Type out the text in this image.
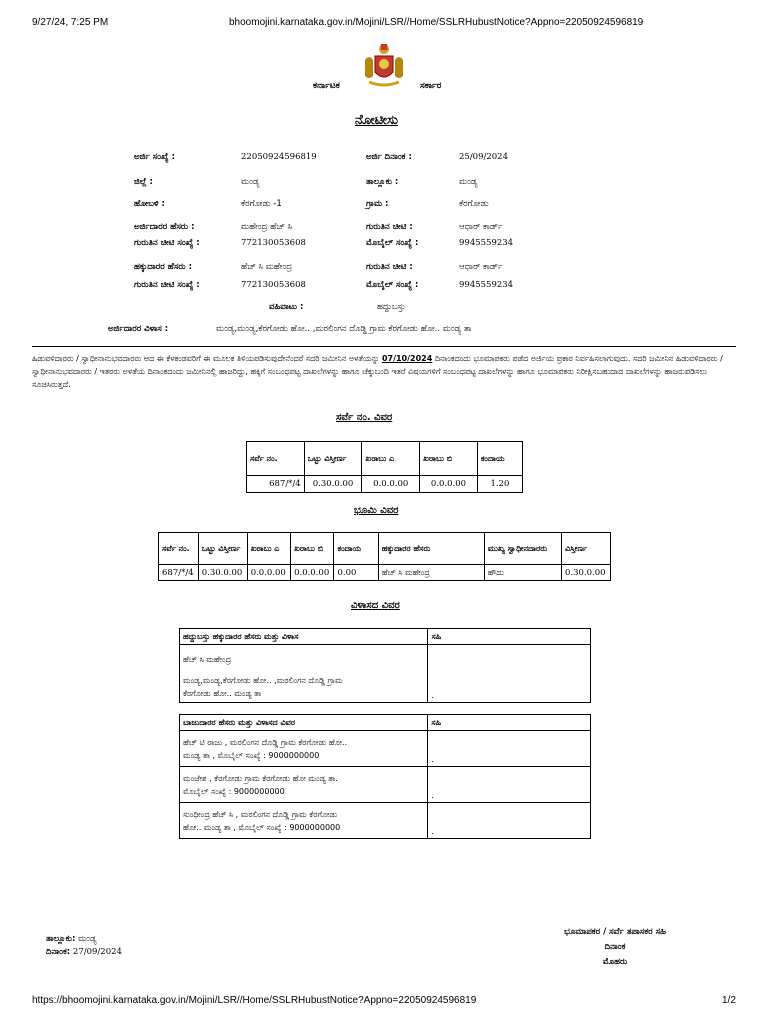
9/27/24, 7:25 PM	bhoomojini.karnataka.gov.in/Mojini/LSR//Home/SSLRHubustNotice?Appno=22050924596819
ಕರ್ನಾಟಕ	ಸರ್ಕಾರ
ನೋಟೀಸು
ಅರ್ಜಿ ಸಂಖ್ಯೆ :	22050924596819	ಅರ್ಜಿ ದಿನಾಂಕ :	25/09/2024
ಜಿಲ್ಲೆ :	ಮಂಡ್ಯ	ತಾಲ್ಲೂಕು :	ಮಂಡ್ಯ
ಹೋಬಳಿ :	ಕೆರಗೋಡು -1	ಗ್ರಾಮ :	ಕೆರಗೋಡು
ಅರ್ಜಿದಾರರ ಹೆಸರು :	ಮಹೇಂದ್ರ ಹೆಚ್ ಸಿ	ಗುರುತಿನ ಚೀಟಿ :	ಆಧಾರ್ ಕಾರ್ಡ್
ಗುರುತಿನ ಚೀಟಿ ಸಂಖ್ಯೆ :	772130053608	ಮೊಬೈಲ್ ಸಂಖ್ಯೆ :	9945559234
ಹಕ್ಕುದಾರರ ಹೆಸರು :	ಹೆಚ್ ಸಿ ಮಹೇಂದ್ರ	ಗುರುತಿನ ಚೀಟಿ :	ಆಧಾರ್ ಕಾರ್ಡ್
ಗುರುತಿನ ಚೀಟಿ ಸಂಖ್ಯೆ :	772130053608	ಮೊಬೈಲ್ ಸಂಖ್ಯೆ :	9945559234
ವಹಿವಾಟು :	ಹದ್ದುಬಸ್ತು
ಅರ್ಜಿದಾರರ ವಿಳಾಸ :	ಮಂಡ್ಯ,ಮಂಡ್ಯ,ಕೆರಗೋಡು ಹೋ.. ,ಮರಲಿಂಗನ ದೊಡ್ಡಿ ಗ್ರಾಮ ಕೆರಗೋಡು ಹೋ.. ಮಂಡ್ಯ ತಾ
ಹಿಡುವಳಿದಾರರು / ಸ್ವಾಧೀನಾನುಭವದಾರರು ಆದ ಈ ಕೆಳಕಂಡವರಿಗೆ ಈ ಮೂಲಕ ತಿಳಿಯಪಡಿಸುವುದೇನೆಂದರೆ ಸದರಿ ಜಮೀನಿನ ಅಳತೆಯನ್ನು 07/10/2024 ದಿನಾಂಕದಂದು ಭೂಮಾಪಕರು ಪಡೆದ ಅರ್ಜಿಯ ಪ್ರಕಾರ ನಿರ್ವಹಿಸಲಾಗುವುದು. ಸದರಿ ಜಮೀನಿನ ಹಿಡುವಳಿದಾರರು / ಸ್ವಾಧೀನಾನುಭವದಾರರು / ಇತರರು ಅಳತೆಯ ದಿನಾಂಕದಂದು ಜಮೀನಿನಲ್ಲಿ ಹಾಜರಿದ್ದು, ಹಕ್ಕಿಗೆ ಸಂಬಂಧಪಟ್ಟ ದಾಖಲೆಗಳನ್ನು ಹಾಗೂ ಚೆಕ್ಕುಬಂದಿ ಇತರೆ ವಿಷಯಗಳಿಗೆ ಸಂಬಂಧಪಟ್ಟ ದಾಖಲೆಗಳನ್ನು ಹಾಗೂ ಭೂಮಾಪಕರು ನಿರೀಕ್ಷಿಸಬಹುದಾದ ದಾಖಲೆಗಳನ್ನು ಹಾಜರುಪಡಿಸಲು ಸೂಚಿಸಿರುತ್ತದೆ.
ಸರ್ವೆ ನಂ. ವಿವರ
ಸರ್ವೆ ನಂ.	ಒಟ್ಟು ವಿಸ್ತೀರ್ಣ	ಖರಾಬು ಎ	ಖರಾಬು ಬಿ	ಕಂದಾಯ
687/*/4	0.30.0.00	0.0.0.00	0.0.0.00	1.20
ಭೂಮಿ ವಿವರ
ಸರ್ವೆ ನಂ.	ಒಟ್ಟು ವಿಸ್ತೀರ್ಣ	ಖರಾಬು ಎ	ಖರಾಬು ಬಿ	ಕಂದಾಯ	ಹಕ್ಕುದಾರರ ಹೆಸರು	ಮುಖ್ಯ ಸ್ವಾಧೀನದಾರರು	ವಿಸ್ತೀರ್ಣ
687/*/4	0.30.0.00	0.0.0.00	0.0.0.00	0.00	ಹೆಚ್ ಸಿ ಮಹೇಂದ್ರ	ಹೌದು	0.30.0.00
ವಿಳಾಸದ ವಿವರ
ಹದ್ದುಬಸ್ತು ಹಕ್ಕುದಾರರ ಹೆಸರು ಮತ್ತು ವಿಳಾಸ	ಸಹಿ

ಹೆಚ್ ಸಿ ಮಹೇಂದ್ರ
ಮಂಡ್ಯ,ಮಂಡ್ಯ,ಕೆರಗೋಡು ಹೋ.. ,ಮರಲಿಂಗನ ದೊಡ್ಡಿ ಗ್ರಾಮ
ಕೆರಗೋಡು ಹೋ.. ಮಂಡ್ಯ ತಾ	.
ಬಾಜುದಾರರ ಹೆಸರು ಮತ್ತು ವಿಳಾಸದ ವಿವರ	ಸಹಿ

ಹೆಚ್ ಟಿ ರಾಜು , ಮರಲಿಂಗನ ದೊಡ್ಡಿ ಗ್ರಾಮ ಕೆರಗೋಡು ಹೋ..
ಮಂಡ್ಯ ತಾ , ಮೊಬೈಲ್ ಸಂಖ್ಯೆ : 9000000000	.

ಮಂಜೇಶ , ಕೆರಗೋಡು ಗ್ರಾಮ ಕೆರಗೋಡು ಹೋ ಮಂಡ್ಯ ತಾ.
ಮೊಬೈಲ್ ಸಂಖ್ಯೆ : 9000000000	.

ಸುಂಧೀಂದ್ರ ಹೆಚ್ ಸಿ , ಮರಲಿಂಗನ ದೊಡ್ಡಿ ಗ್ರಾಮ ಕೆರಗೋಡು
ಹೋ.. ಮಂಡ್ಯ ತಾ , ಮೊಬೈಲ್ ಸಂಖ್ಯೆ : 9000000000	.
ತಾಲ್ಲೂಕು: ಮಂಡ್ಯ
ದಿನಾಂಕ: 27/09/2024
ಭೂಮಾಪಕರ / ಸರ್ವೆ ತಪಾಸಕರ ಸಹಿ
ದಿನಾಂಕ
ಮೊಹರು
https://bhoomojini.karnataka.gov.in/Mojini/LSR//Home/SSLRHubustNotice?Appno=22050924596819	1/2
